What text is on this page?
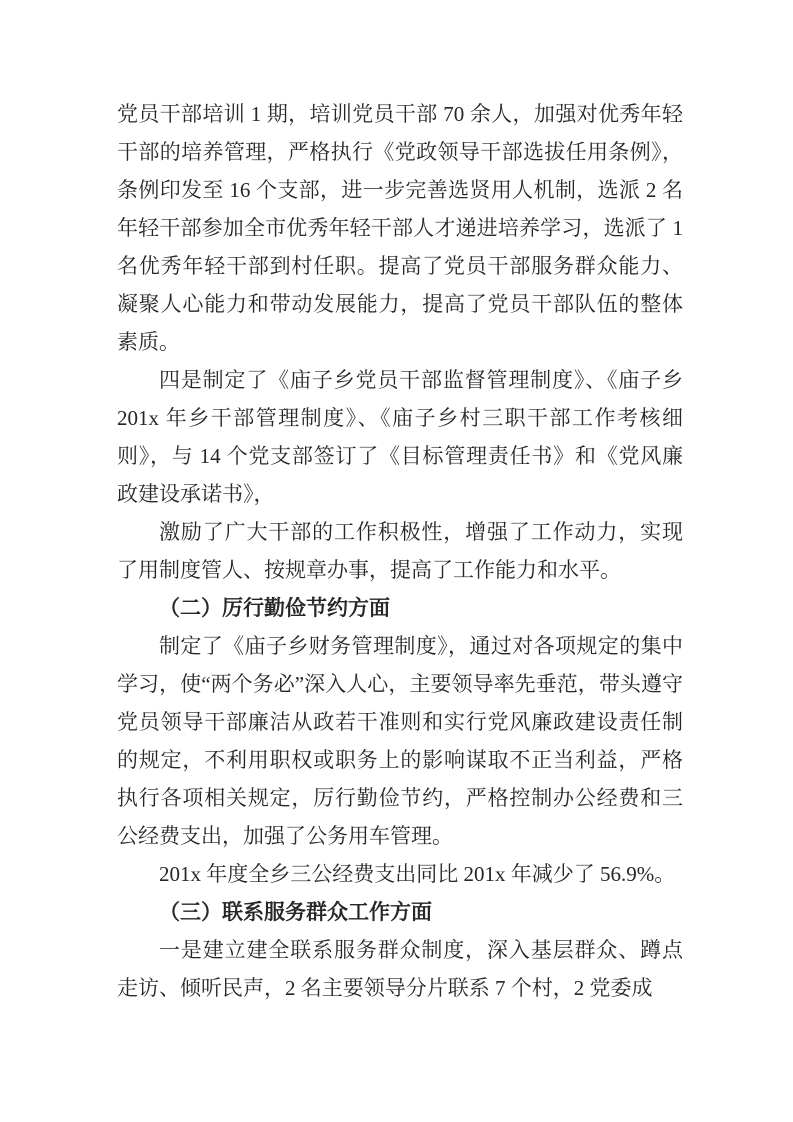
党员干部培训 1 期，培训党员干部 70 余人，加强对优秀年轻干部的培养管理，严格执行《党政领导干部选拔任用条例》，条例印发至 16 个支部，进一步完善选贤用人机制，选派 2 名年轻干部参加全市优秀年轻干部人才递进培养学习，选派了 1 名优秀年轻干部到村任职。提高了党员干部服务群众能力、凝聚人心能力和带动发展能力，提高了党员干部队伍的整体素质。

四是制定了《庙子乡党员干部监督管理制度》、《庙子乡 201x 年乡干部管理制度》、《庙子乡村三职干部工作考核细则》，与 14 个党支部签订了《目标管理责任书》和《党风廉政建设承诺书》，

激励了广大干部的工作积极性，增强了工作动力，实现了用制度管人、按规章办事，提高了工作能力和水平。

（二）厉行勤俭节约方面

制定了《庙子乡财务管理制度》，通过对各项规定的集中学习，使“两个务必”深入人心，主要领导率先垂范，带头遵守党员领导干部廉洁从政若干准则和实行党风廉政建设责任制的规定，不利用职权或职务上的影响谋取不正当利益，严格执行各项相关规定，厉行勤俭节约，严格控制办公经费和三公经费支出，加强了公务用车管理。

201x 年度全乡三公经费支出同比 201x 年减少了 56.9%。

（三）联系服务群众工作方面

一是建立建全联系服务群众制度，深入基层群众、蹲点走访、倾听民声，2 名主要领导分片联系 7 个村，2 党委成
